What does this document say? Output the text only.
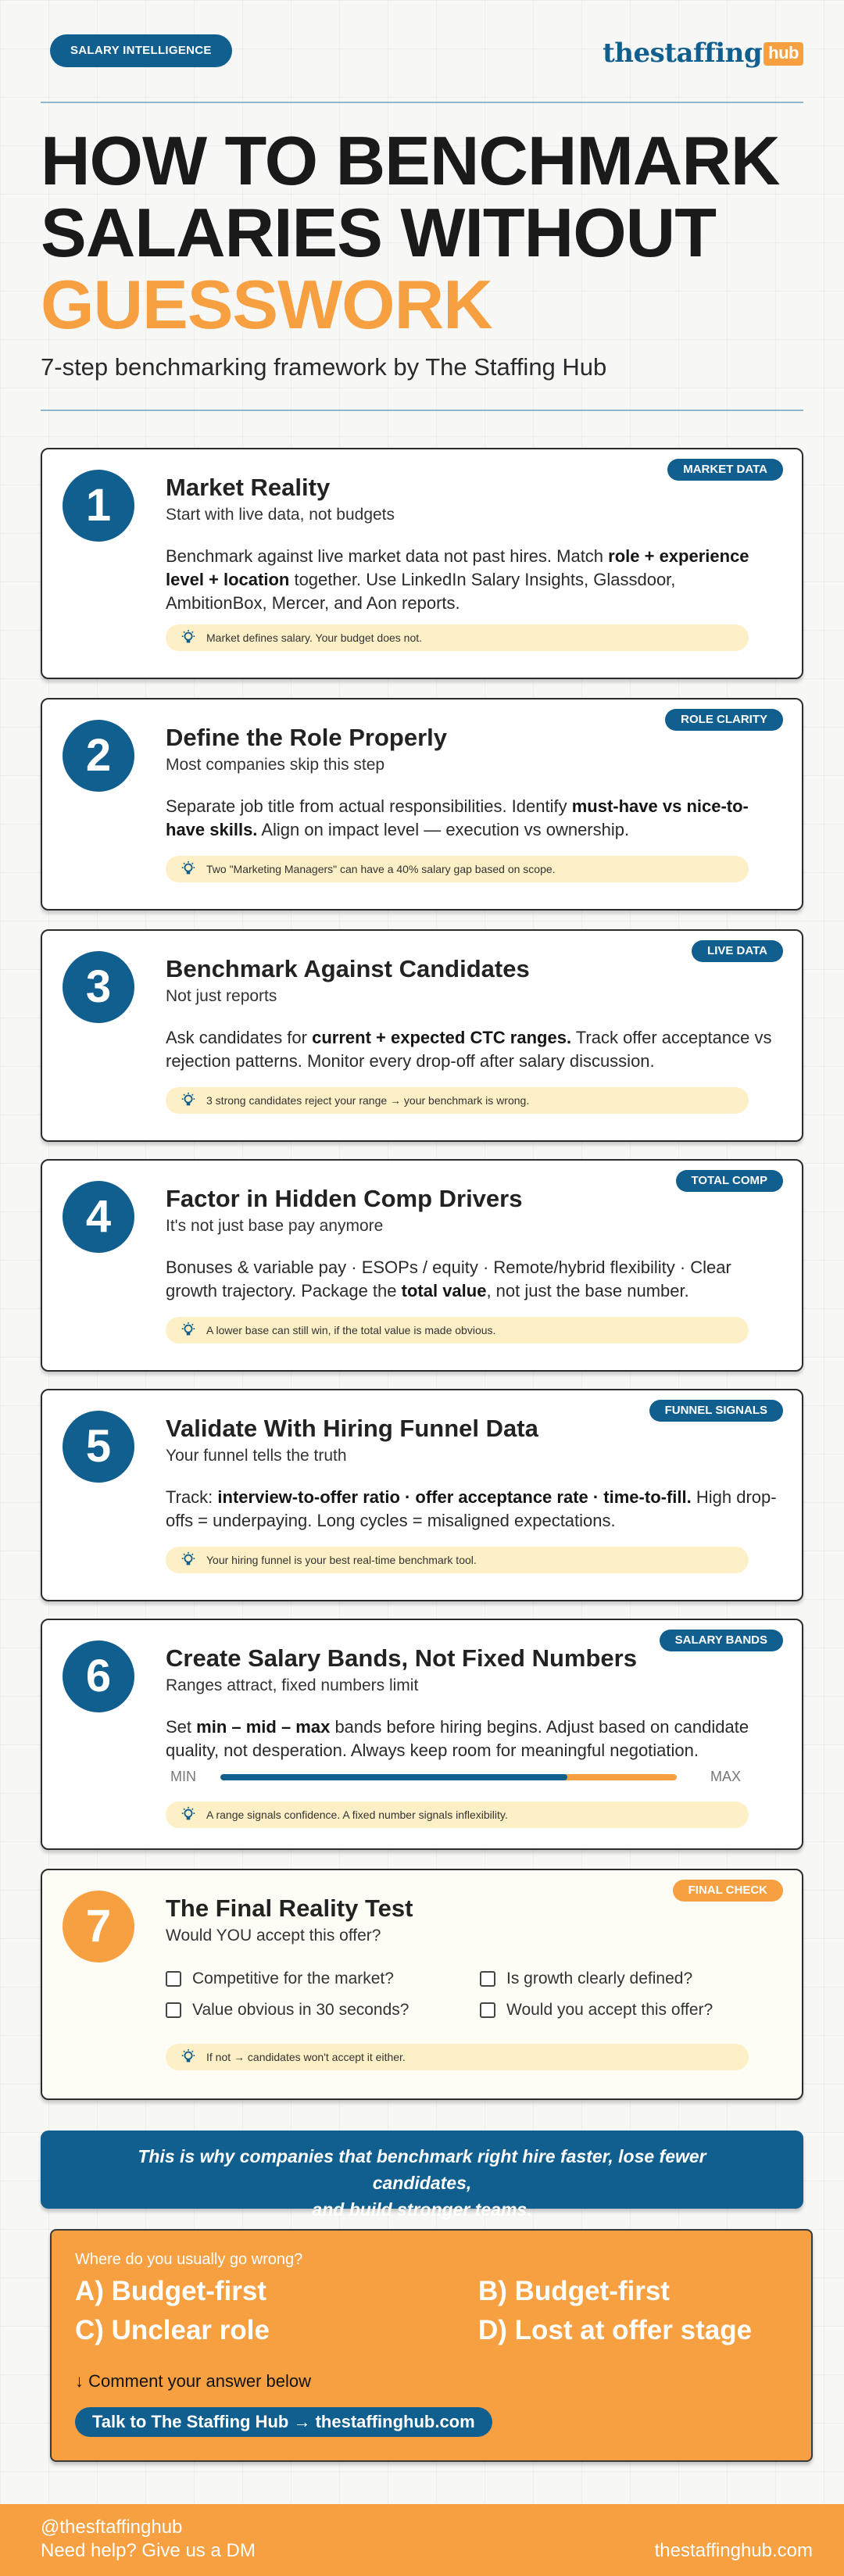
SALARY INTELLIGENCE	thestaffing hub
HOW TO BENCHMARK
SALARIES WITHOUT
GUESSWORK
7-step benchmarking framework by The Staffing Hub
1
MARKET DATA
Market Reality
Start with live data, not budgets
Benchmark against live market data not past hires. Match role + experience level + location together. Use LinkedIn Salary Insights, Glassdoor, AmbitionBox, Mercer, and Aon reports.
Market defines salary. Your budget does not.
2
ROLE CLARITY
Define the Role Properly
Most companies skip this step
Separate job title from actual responsibilities. Identify must-have vs nice-to-have skills. Align on impact level — execution vs ownership.
Two "Marketing Managers" can have a 40% salary gap based on scope.
3
LIVE DATA
Benchmark Against Candidates
Not just reports
Ask candidates for current + expected CTC ranges. Track offer acceptance vs rejection patterns. Monitor every drop-off after salary discussion.
3 strong candidates reject your range → your benchmark is wrong.
4
TOTAL COMP
Factor in Hidden Comp Drivers
It's not just base pay anymore
Bonuses & variable pay · ESOPs / equity · Remote/hybrid flexibility · Clear growth trajectory. Package the total value, not just the base number.
A lower base can still win, if the total value is made obvious.
5
FUNNEL SIGNALS
Validate With Hiring Funnel Data
Your funnel tells the truth
Track: interview-to-offer ratio · offer acceptance rate · time-to-fill. High drop-offs = underpaying. Long cycles = misaligned expectations.
Your hiring funnel is your best real-time benchmark tool.
6
SALARY BANDS
Create Salary Bands, Not Fixed Numbers
Ranges attract, fixed numbers limit
Set min – mid – max bands before hiring begins. Adjust based on candidate quality, not desperation. Always keep room for meaningful negotiation.
MIN	MAX
A range signals confidence. A fixed number signals inflexibility.
7
FINAL CHECK
The Final Reality Test
Would YOU accept this offer?
Competitive for the market?	Is growth clearly defined?
Value obvious in 30 seconds?	Would you accept this offer?
If not → candidates won't accept it either.
This is why companies that benchmark right hire faster, lose fewer candidates,
and build stronger teams.
Where do you usually go wrong?
A) Budget-first	B) Budget-first
C) Unclear role	D) Lost at offer stage
↓ Comment your answer below
Talk to The Staffing Hub → thestaffinghub.com
@thesftaffinghub
Need help? Give us a DM	thestaffinghub.com
